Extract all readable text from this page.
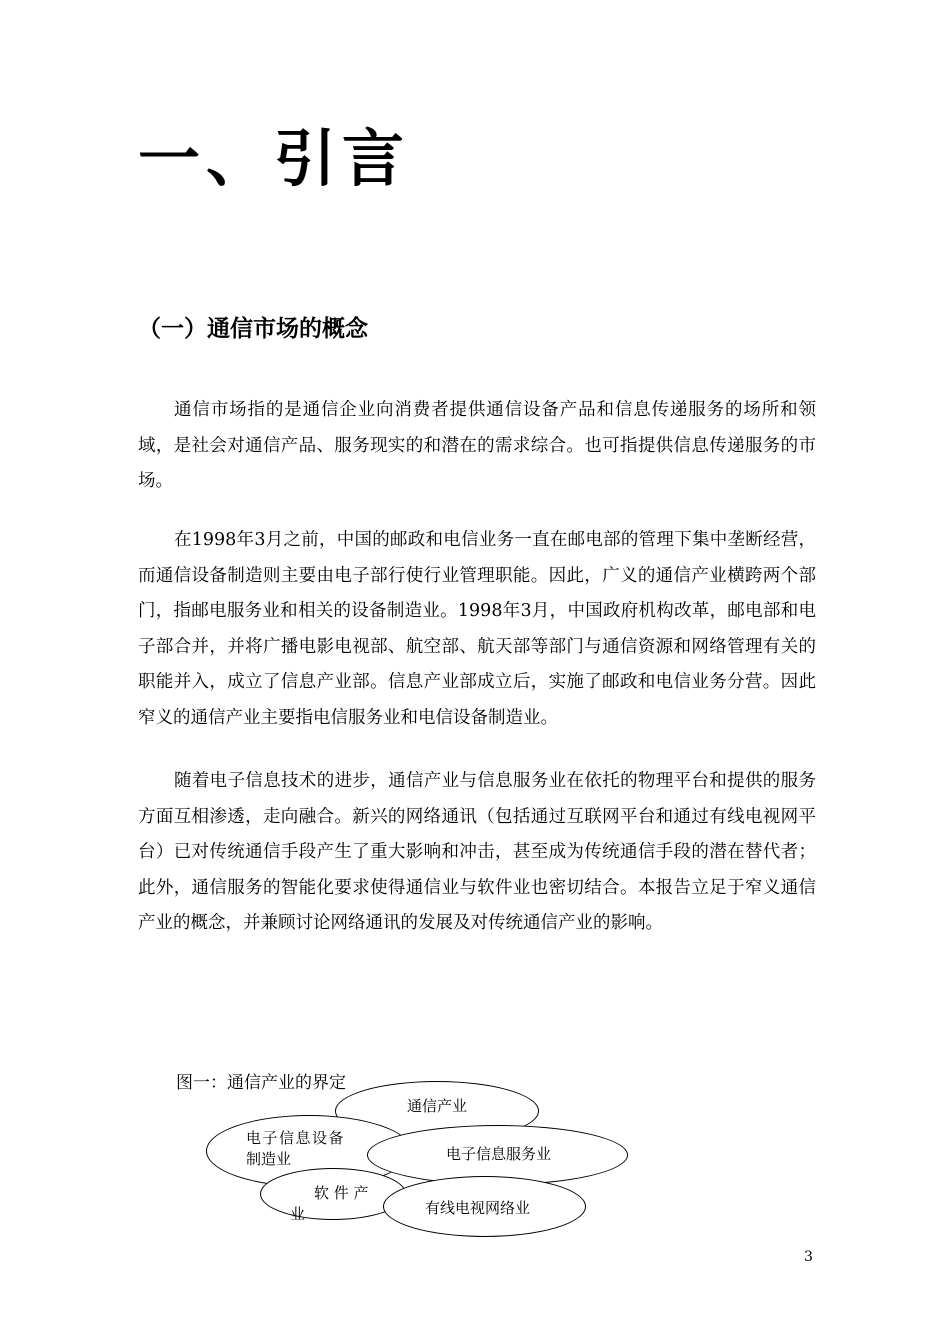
一、引言
（一）通信市场的概念

通信市场指的是通信企业向消费者提供通信设备产品和信息传递服务的场所和领域，是社会对通信产品、服务现实的和潜在的需求综合。也可指提供信息传递服务的市场。

在1998年3月之前，中国的邮政和电信业务一直在邮电部的管理下集中垄断经营，而通信设备制造则主要由电子部行使行业管理职能。因此，广义的通信产业横跨两个部门，指邮电服务业和相关的设备制造业。1998年3月，中国政府机构改革，邮电部和电子部合并，并将广播电影电视部、航空部、航天部等部门与通信资源和网络管理有关的职能并入，成立了信息产业部。信息产业部成立后，实施了邮政和电信业务分营。因此窄义的通信产业主要指电信服务业和电信设备制造业。

随着电子信息技术的进步，通信产业与信息服务业在依托的物理平台和提供的服务方面互相渗透，走向融合。新兴的网络通讯（包括通过互联网平台和通过有线电视网平台）已对传统通信手段产生了重大影响和冲击，甚至成为传统通信手段的潜在替代者；此外，通信服务的智能化要求使得通信业与软件业也密切结合。本报告立足于窄义通信产业的概念，并兼顾讨论网络通讯的发展及对传统通信产业的影响。

图一：通信产业的界定
通信产业
电子信息设备
制造业	电子信息服务业
软 件 产
业	有线电视网络业
3
